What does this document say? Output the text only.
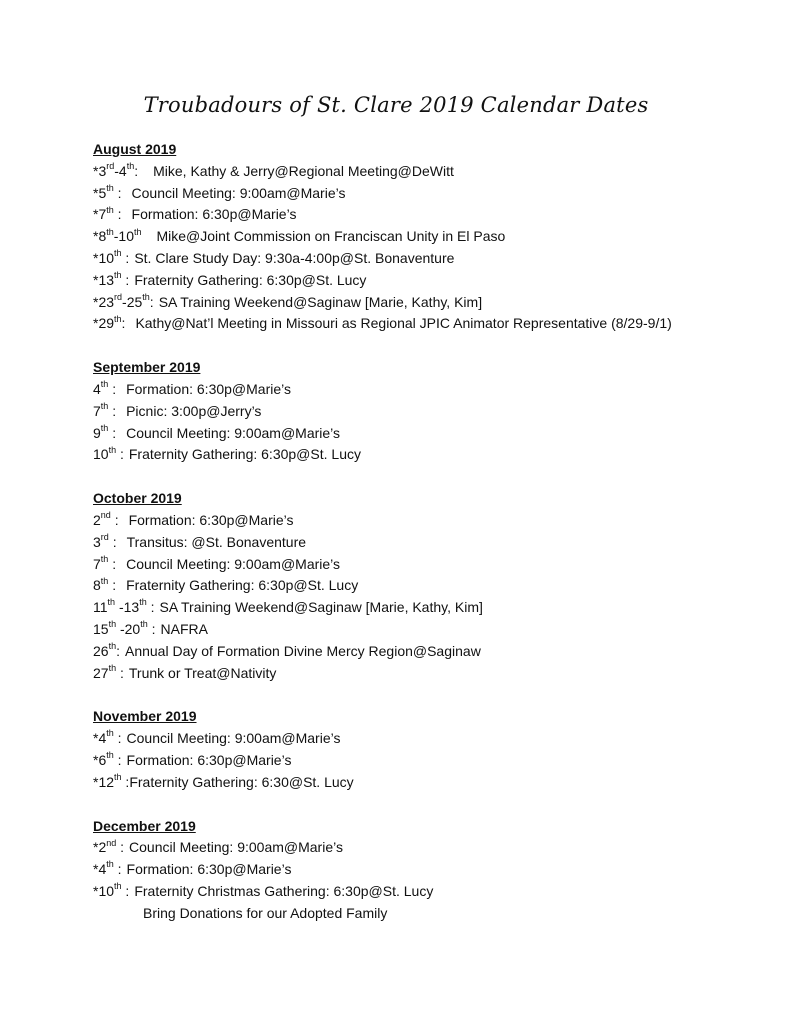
Troubadours of St. Clare 2019 Calendar Dates
August 2019
*3rd-4th: Mike, Kathy & Jerry@Regional Meeting@DeWitt
*5th : Council Meeting: 9:00am@Marie’s
*7th : Formation: 6:30p@Marie’s
*8th-10th Mike@Joint Commission on Franciscan Unity in El Paso
*10th : St. Clare Study Day: 9:30a-4:00p@St. Bonaventure
*13th : Fraternity Gathering: 6:30p@St. Lucy
*23rd-25th: SA Training Weekend@Saginaw [Marie, Kathy, Kim]
*29th: Kathy@Nat’l Meeting in Missouri as Regional JPIC Animator Representative (8/29-9/1)
September 2019
4th : Formation: 6:30p@Marie’s
7th : Picnic: 3:00p@Jerry’s
9th : Council Meeting: 9:00am@Marie’s
10th : Fraternity Gathering: 6:30p@St. Lucy
October 2019
2nd : Formation: 6:30p@Marie’s
3rd : Transitus: @St. Bonaventure
7th : Council Meeting: 9:00am@Marie’s
8th : Fraternity Gathering: 6:30p@St. Lucy
11th -13th : SA Training Weekend@Saginaw [Marie, Kathy, Kim]
15th -20th : NAFRA
26th: Annual Day of Formation Divine Mercy Region@Saginaw
27th : Trunk or Treat@Nativity
November 2019
*4th : Council Meeting: 9:00am@Marie’s
*6th : Formation: 6:30p@Marie’s
*12th :Fraternity Gathering: 6:30@St. Lucy
December 2019
*2nd : Council Meeting: 9:00am@Marie’s
*4th : Formation: 6:30p@Marie’s
*10th : Fraternity Christmas Gathering: 6:30p@St. Lucy
Bring Donations for our Adopted Family
